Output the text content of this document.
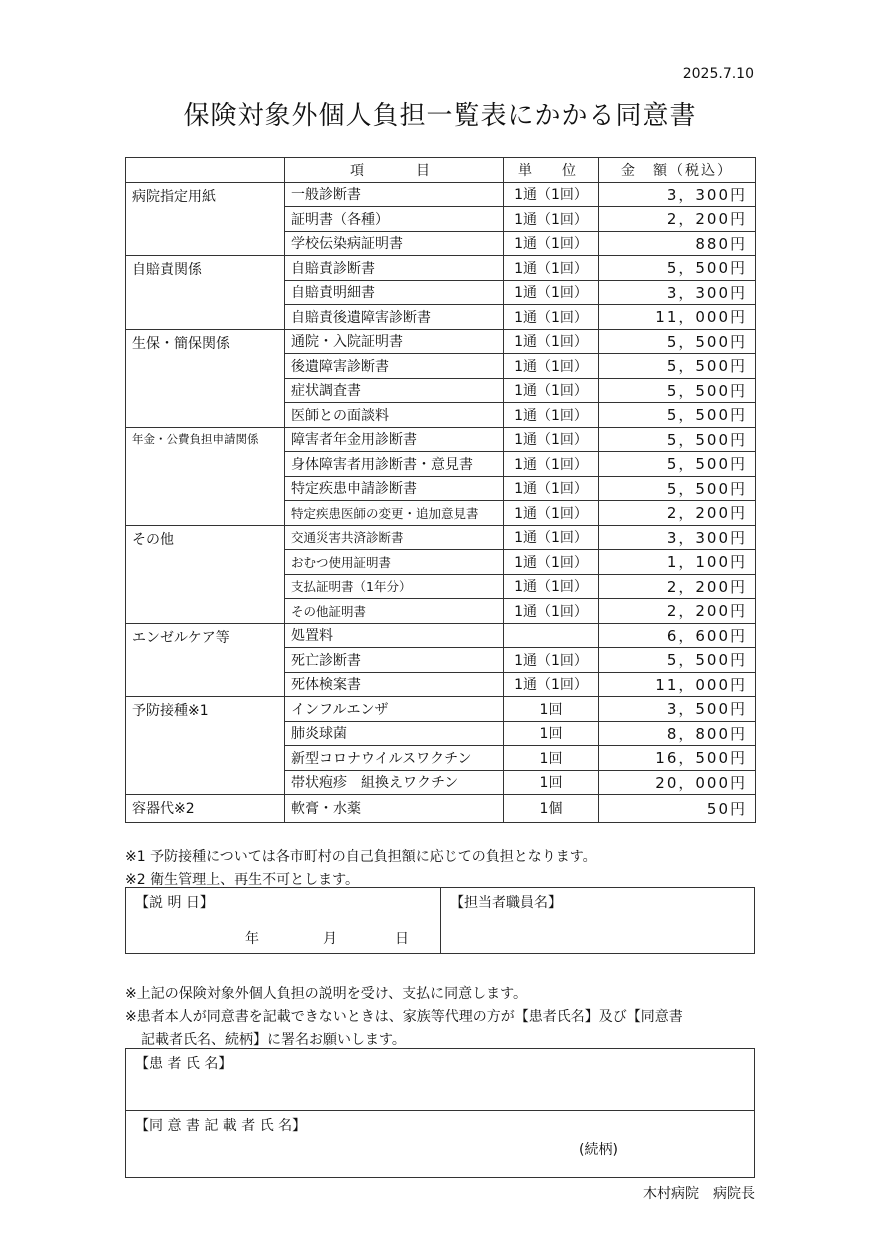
2025.7.10
保険対象外個人負担一覧表にかかる同意書
	項　　目	単　位	金　額（税込）
病院指定用紙	一般診断書	1通（1回）	3，300円
	証明書（各種）	1通（1回）	2，200円
	学校伝染病証明書	1通（1回）	880円
自賠責関係	自賠責診断書	1通（1回）	5，500円
	自賠責明細書	1通（1回）	3，300円
	自賠責後遺障害診断書	1通（1回）	11，000円
生保・簡保関係	通院・入院証明書	1通（1回）	5，500円
	後遺障害診断書	1通（1回）	5，500円
	症状調査書	1通（1回）	5，500円
	医師との面談料	1通（1回）	5，500円
年金・公費負担申請関係	障害者年金用診断書	1通（1回）	5，500円
	身体障害者用診断書・意見書	1通（1回）	5，500円
	特定疾患申請診断書	1通（1回）	5，500円
	特定疾患医師の変更・追加意見書	1通（1回）	2，200円
その他	交通災害共済診断書	1通（1回）	3，300円
	おむつ使用証明書	1通（1回）	1，100円
	支払証明書（1年分）	1通（1回）	2，200円
	その他証明書	1通（1回）	2，200円
エンゼルケア等	処置料		6，600円
	死亡診断書	1通（1回）	5，500円
	死体検案書	1通（1回）	11，000円
予防接種※1	インフルエンザ	1回	3，500円
	肺炎球菌	1回	8，800円
	新型コロナウイルスワクチン	1回	16，500円
	帯状疱疹　組換えワクチン	1回	20，000円
容器代※2	軟膏・水薬	1個	50円
※1 予防接種については各市町村の自己負担額に応じての負担となります。
※2 衛生管理上、再生不可とします。
【説 明 日】
年	月	日
【担当者職員名】
※上記の保険対象外個人負担の説明を受け、支払に同意します。
※患者本人が同意書を記載できないときは、家族等代理の方が【患者氏名】及び【同意書
記載者氏名、続柄】に署名お願いします。
【患 者 氏 名】
【同 意 書 記 載 者 氏 名】
(続柄)
木村病院　病院長
